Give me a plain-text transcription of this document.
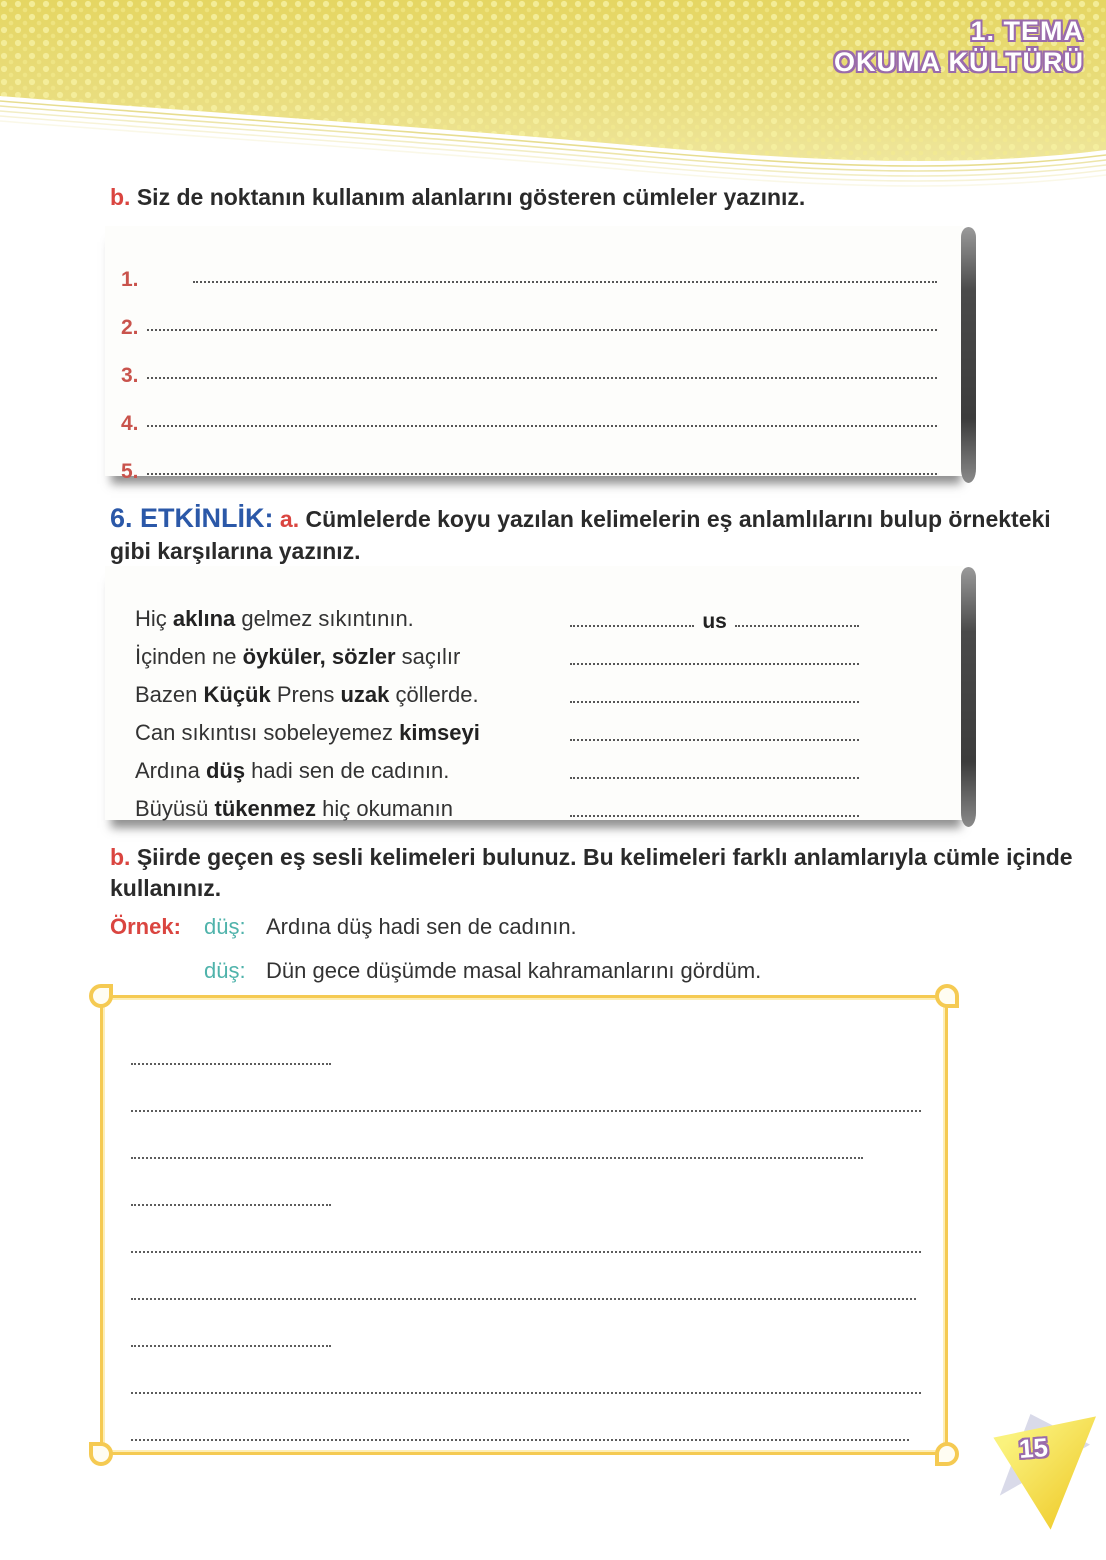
1. TEMA
OKUMA KÜLTÜRÜ
b. Siz de noktanın kullanım alanlarını gösteren cümleler yazınız.
1.
2.
3.
4.
5.
6. ETKİNLİK: a. Cümlelerde koyu yazılan kelimelerin eş anlamlılarını bulup örnekteki gibi karşılarına yazınız.
Hiç aklına gelmez sıkıntının.	us
İçinden ne öyküler, sözler saçılır
Bazen Küçük Prens uzak çöllerde.
Can sıkıntısı sobeleyemez kimseyi
Ardına düş hadi sen de cadının.
Büyüsü tükenmez hiç okumanın
b. Şiirde geçen eş sesli kelimeleri bulunuz. Bu kelimeleri farklı anlamlarıyla cümle içinde kullanınız.
Örnek:	düş: Ardına düş hadi sen de cadının.
düş: Dün gece düşümde masal kahramanlarını gördüm.
15
